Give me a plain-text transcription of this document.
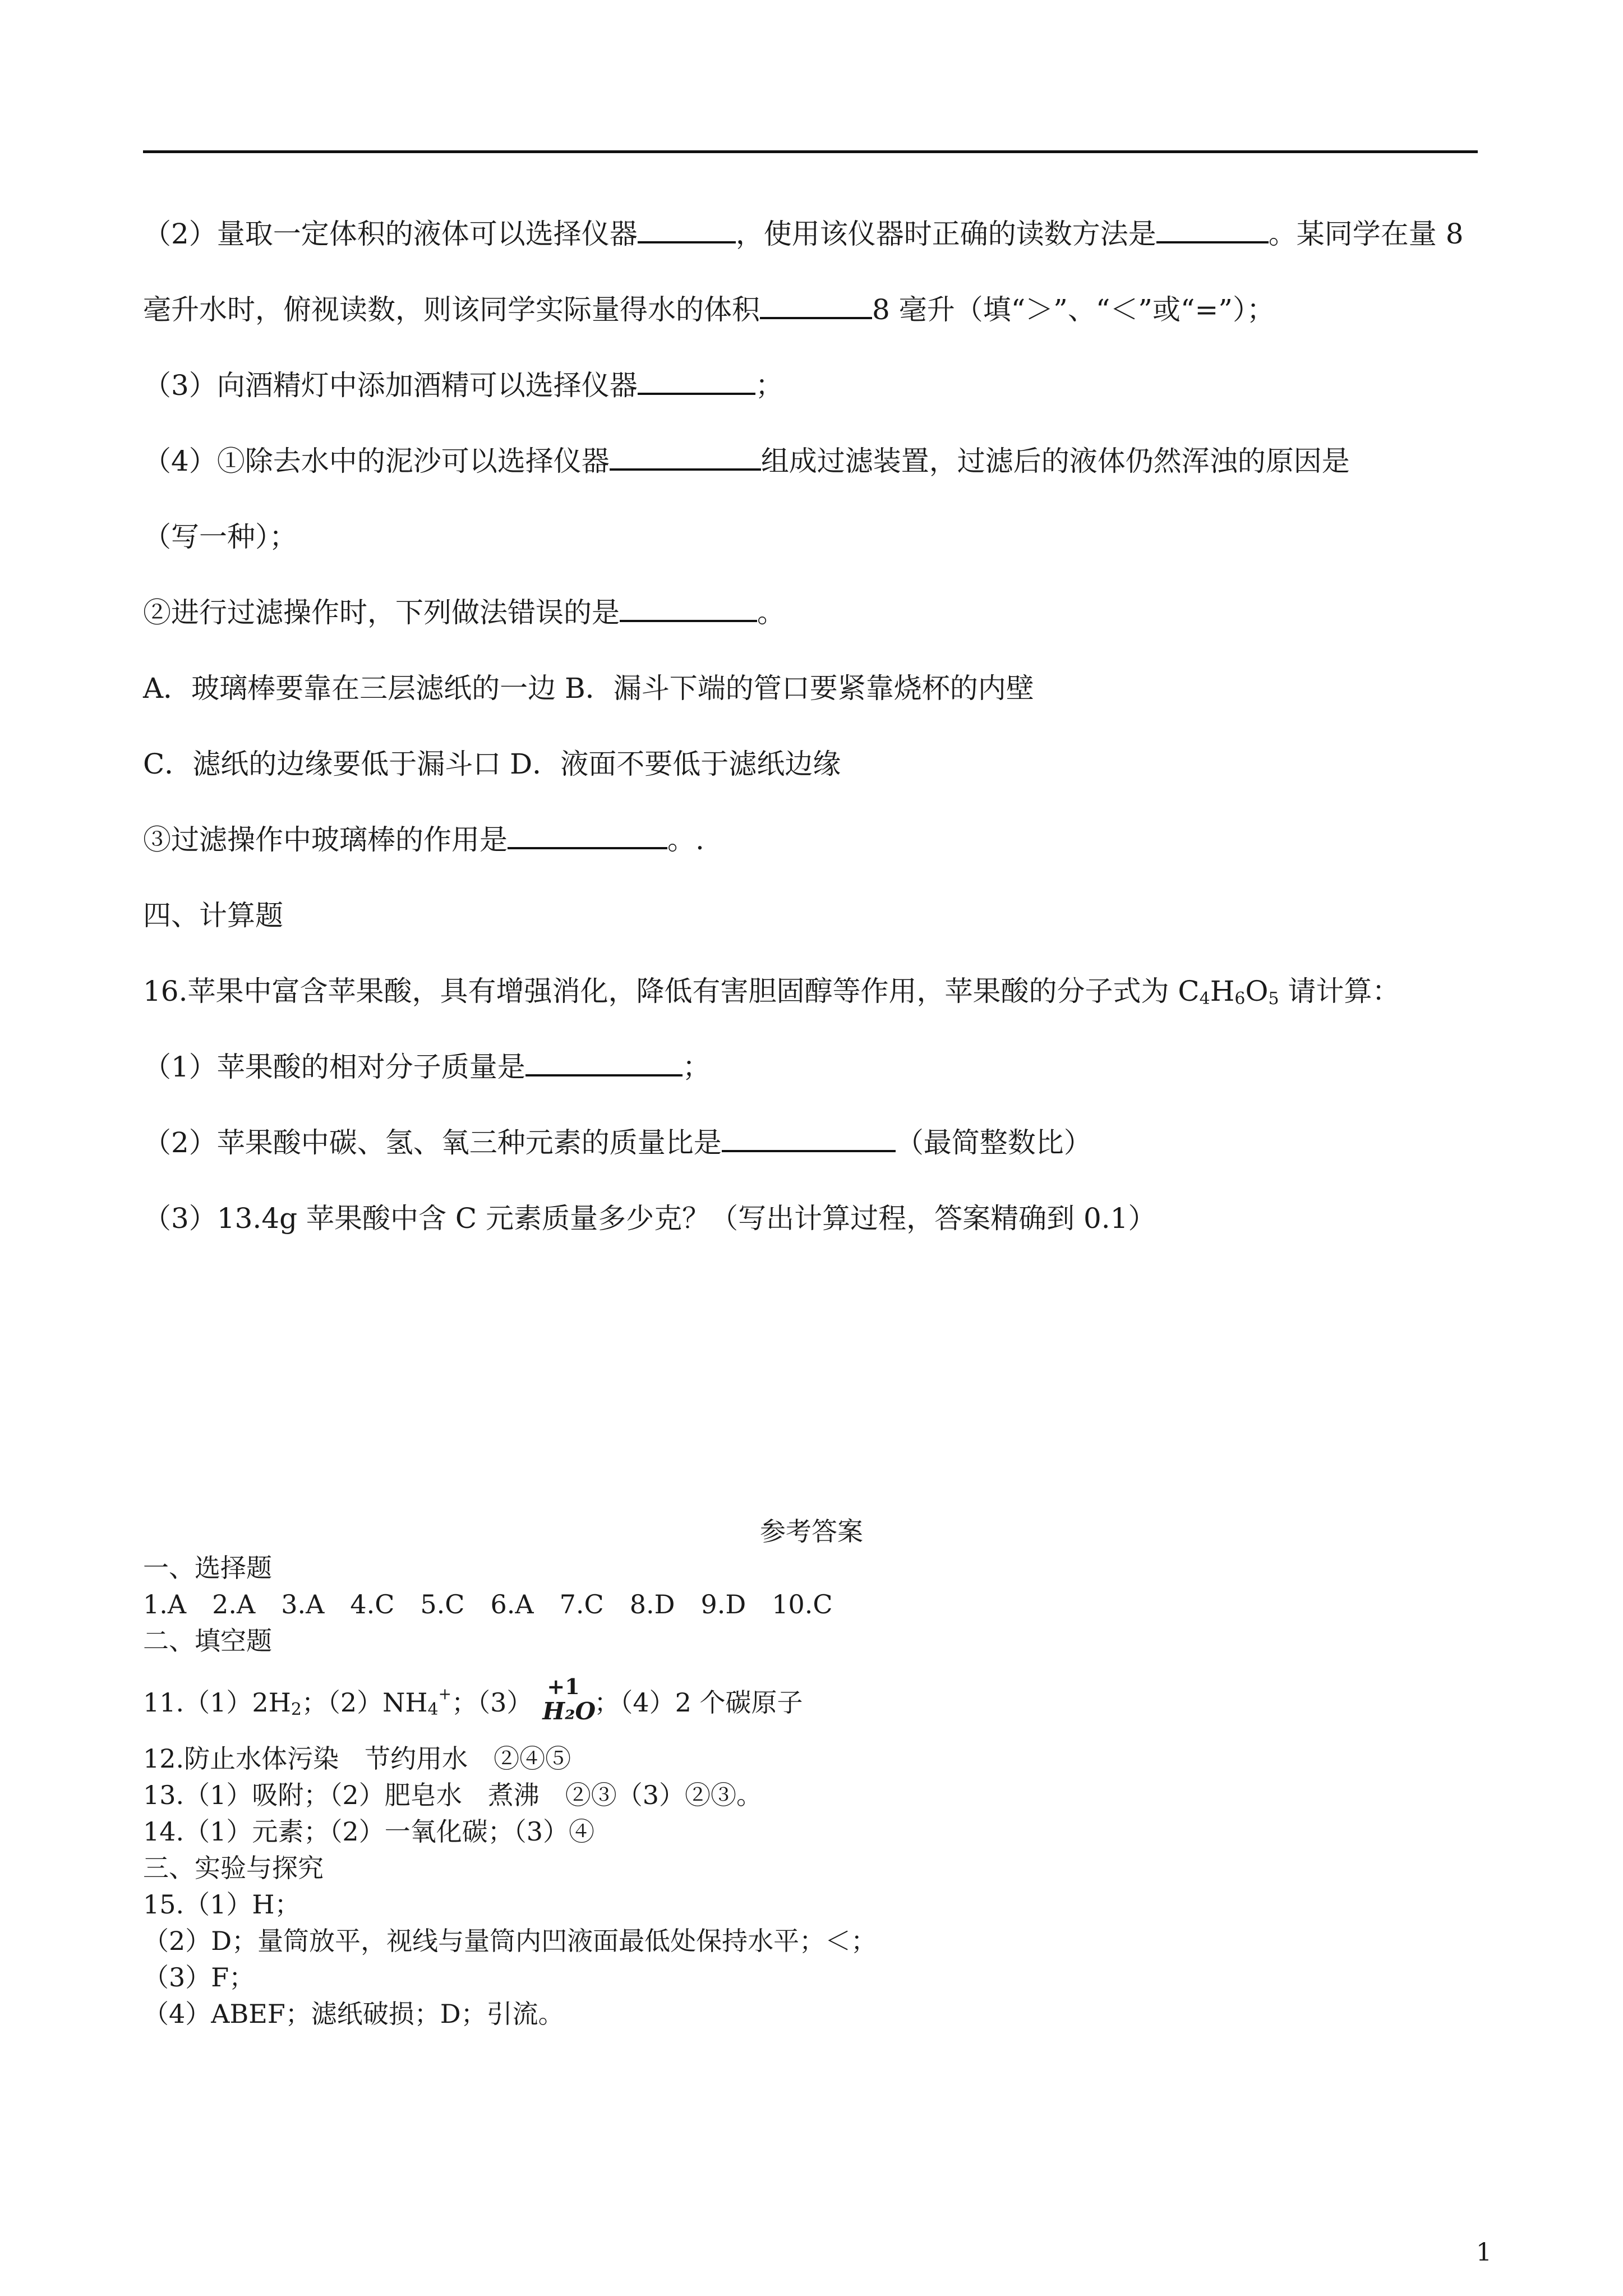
（2）量取一定体积的液体可以选择仪器	，使用该仪器时正确的读数方法是	。某同学在量 8
毫升水时，俯视读数，则该同学实际量得水的体积	8 毫升（填“＞”、“＜”或“=”）；
（3）向酒精灯中添加酒精可以选择仪器	；
（4）①除去水中的泥沙可以选择仪器	组成过滤装置，过滤后的液体仍然浑浊的原因是
（写一种）；
②进行过滤操作时，下列做法错误的是	。
A．玻璃棒要靠在三层滤纸的一边 B．漏斗下端的管口要紧靠烧杯的内壁
C．滤纸的边缘要低于漏斗口 D．液面不要低于滤纸边缘
③过滤操作中玻璃棒的作用是	。.
四、计算题
16.苹果中富含苹果酸，具有增强消化，降低有害胆固醇等作用，苹果酸的分子式为 $C_4H_6O_5$ 请计算：
（1）苹果酸的相对分子质量是	；
（2）苹果酸中碳、氢、氧三种元素的质量比是	（最简整数比）
（3）13.4g 苹果酸中含 C 元素质量多少克？（写出计算过程，答案精确到 0.1）
参考答案
一、选择题
1.A　2.A　3.A　4.C　5.C　6.A　7.C　8.D　9.D　10.C
二、填空题
$11.(1)2H_2$；$(2)NH_4^+$；（3）
+1
H₂O
；（4）2 个碳原子
12.防止水体污染　节约用水　②④⑤
13.（1）吸附；（2）肥皂水　煮沸　②③（3）②③。
14.（1）元素；（2）一氧化碳；（3）④
三、实验与探究
15.（1）H；
（2）D；量筒放平，视线与量筒内凹液面最低处保持水平；＜；
（3）F；
（4）ABEF；滤纸破损；D；引流。
1
